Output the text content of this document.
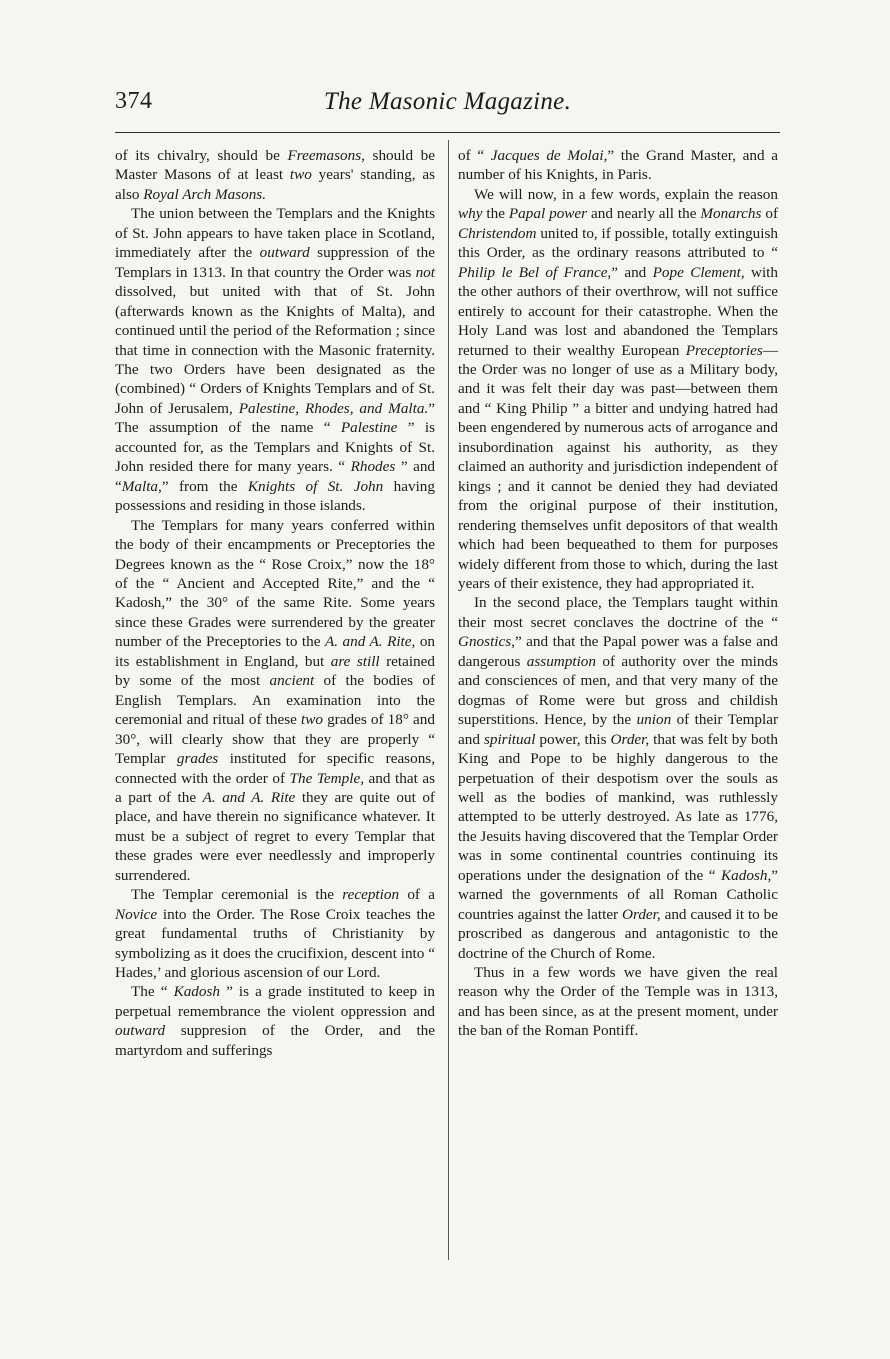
374	The Masonic Magazine.

of its chivalry, should be Freemasons, should be Master Masons of at least two years' standing, as also Royal Arch Masons.

The union between the Templars and the Knights of St. John appears to have taken place in Scotland, immediately after the outward suppression of the Templars in 1313. In that country the Order was not dissolved, but united with that of St. John (afterwards known as the Knights of Malta), and continued until the period of the Reformation ; since that time in connection with the Masonic fraternity. The two Orders have been designated as the (combined) “ Orders of Knights Templars and of St. John of Jerusalem, Palestine, Rhodes, and Malta.” The assumption of the name “ Palestine ” is accounted for, as the Templars and Knights of St. John resided there for many years. “ Rhodes ” and “Malta,” from the Knights of St. John having possessions and residing in those islands.

The Templars for many years conferred within the body of their encampments or Preceptories the Degrees known as the “ Rose Croix,” now the 18° of the “ Ancient and Accepted Rite,” and the “ Kadosh,” the 30° of the same Rite. Some years since these Grades were surrendered by the greater number of the Preceptories to the A. and A. Rite, on its establishment in England, but are still retained by some of the most ancient of the bodies of English Templars. An examination into the ceremonial and ritual of these two grades of 18° and 30°, will clearly show that they are properly “ Templar grades instituted for specific reasons, connected with the order of The Temple, and that as a part of the A. and A. Rite they are quite out of place, and have therein no significance whatever. It must be a subject of regret to every Templar that these grades were ever needlessly and improperly surrendered.

The Templar ceremonial is the reception of a Novice into the Order. The Rose Croix teaches the great fundamental truths of Christianity by symbolizing as it does the crucifixion, descent into “ Hades,’ and glorious ascension of our Lord.

The “ Kadosh ” is a grade instituted to keep in perpetual remembrance the violent oppression and outward suppresion of the Order, and the martyrdom and sufferings

of “ Jacques de Molai,” the Grand Master, and a number of his Knights, in Paris.

We will now, in a few words, explain the reason why the Papal power and nearly all the Monarchs of Christendom united to, if possible, totally extinguish this Order, as the ordinary reasons attributed to “ Philip le Bel of France,” and Pope Clement, with the other authors of their overthrow, will not suffice entirely to account for their catastrophe. When the Holy Land was lost and abandoned the Templars returned to their wealthy European Preceptories—the Order was no longer of use as a Military body, and it was felt their day was past—between them and “ King Philip ” a bitter and undying hatred had been engendered by numerous acts of arrogance and insubordination against his authority, as they claimed an authority and jurisdiction independent of kings ; and it cannot be denied they had deviated from the original purpose of their institution, rendering themselves unfit depositors of that wealth which had been bequeathed to them for purposes widely different from those to which, during the last years of their existence, they had appropriated it.

In the second place, the Templars taught within their most secret conclaves the doctrine of the “ Gnostics,” and that the Papal power was a false and dangerous assumption of authority over the minds and consciences of men, and that very many of the dogmas of Rome were but gross and childish superstitions. Hence, by the union of their Templar and spiritual power, this Order, that was felt by both King and Pope to be highly dangerous to the perpetuation of their despotism over the souls as well as the bodies of mankind, was ruthlessly attempted to be utterly destroyed. As late as 1776, the Jesuits having discovered that the Templar Order was in some continental countries continuing its operations under the designation of the “ Kadosh,” warned the governments of all Roman Catholic countries against the latter Order, and caused it to be proscribed as dangerous and antagonistic to the doctrine of the Church of Rome.

Thus in a few words we have given the real reason why the Order of the Temple was in 1313, and has been since, as at the present moment, under the ban of the Roman Pontiff.
